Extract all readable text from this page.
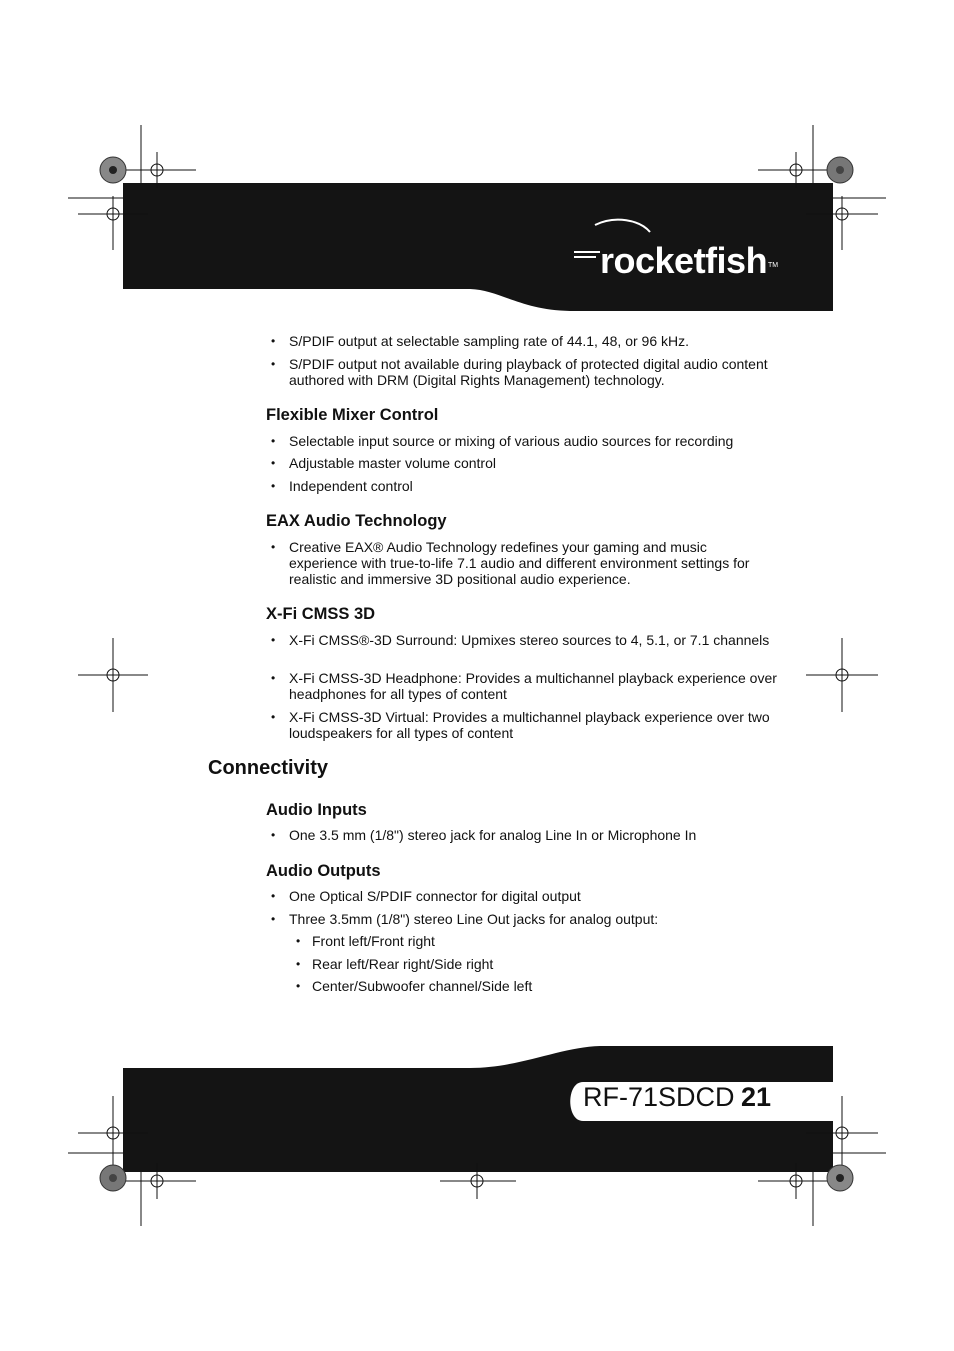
rocketfish TM
• S/PDIF output at selectable sampling rate of 44.1, 48, or 96 kHz.
• S/PDIF output not available during playback of protected digital audio content authored with DRM (Digital Rights Management) technology.
Flexible Mixer Control
• Selectable input source or mixing of various audio sources for recording
• Adjustable master volume control
• Independent control
EAX Audio Technology
• Creative EAX® Audio Technology redefines your gaming and music experience with true-to-life 7.1 audio and different environment settings for realistic and immersive 3D positional audio experience.
X-Fi CMSS 3D
• X-Fi CMSS®-3D Surround: Upmixes stereo sources to 4, 5.1, or 7.1 channels
• X-Fi CMSS-3D Headphone: Provides a multichannel playback experience over headphones for all types of content
• X-Fi CMSS-3D Virtual: Provides a multichannel playback experience over two loudspeakers for all types of content
Connectivity
Audio Inputs
• One 3.5 mm (1/8") stereo jack for analog Line In or Microphone In
Audio Outputs
• One Optical S/PDIF connector for digital output
• Three 3.5mm (1/8") stereo Line Out jacks for analog output:
• Front left/Front right
• Rear left/Rear right/Side right
• Center/Subwoofer channel/Side left
RF-71SDCD 21
